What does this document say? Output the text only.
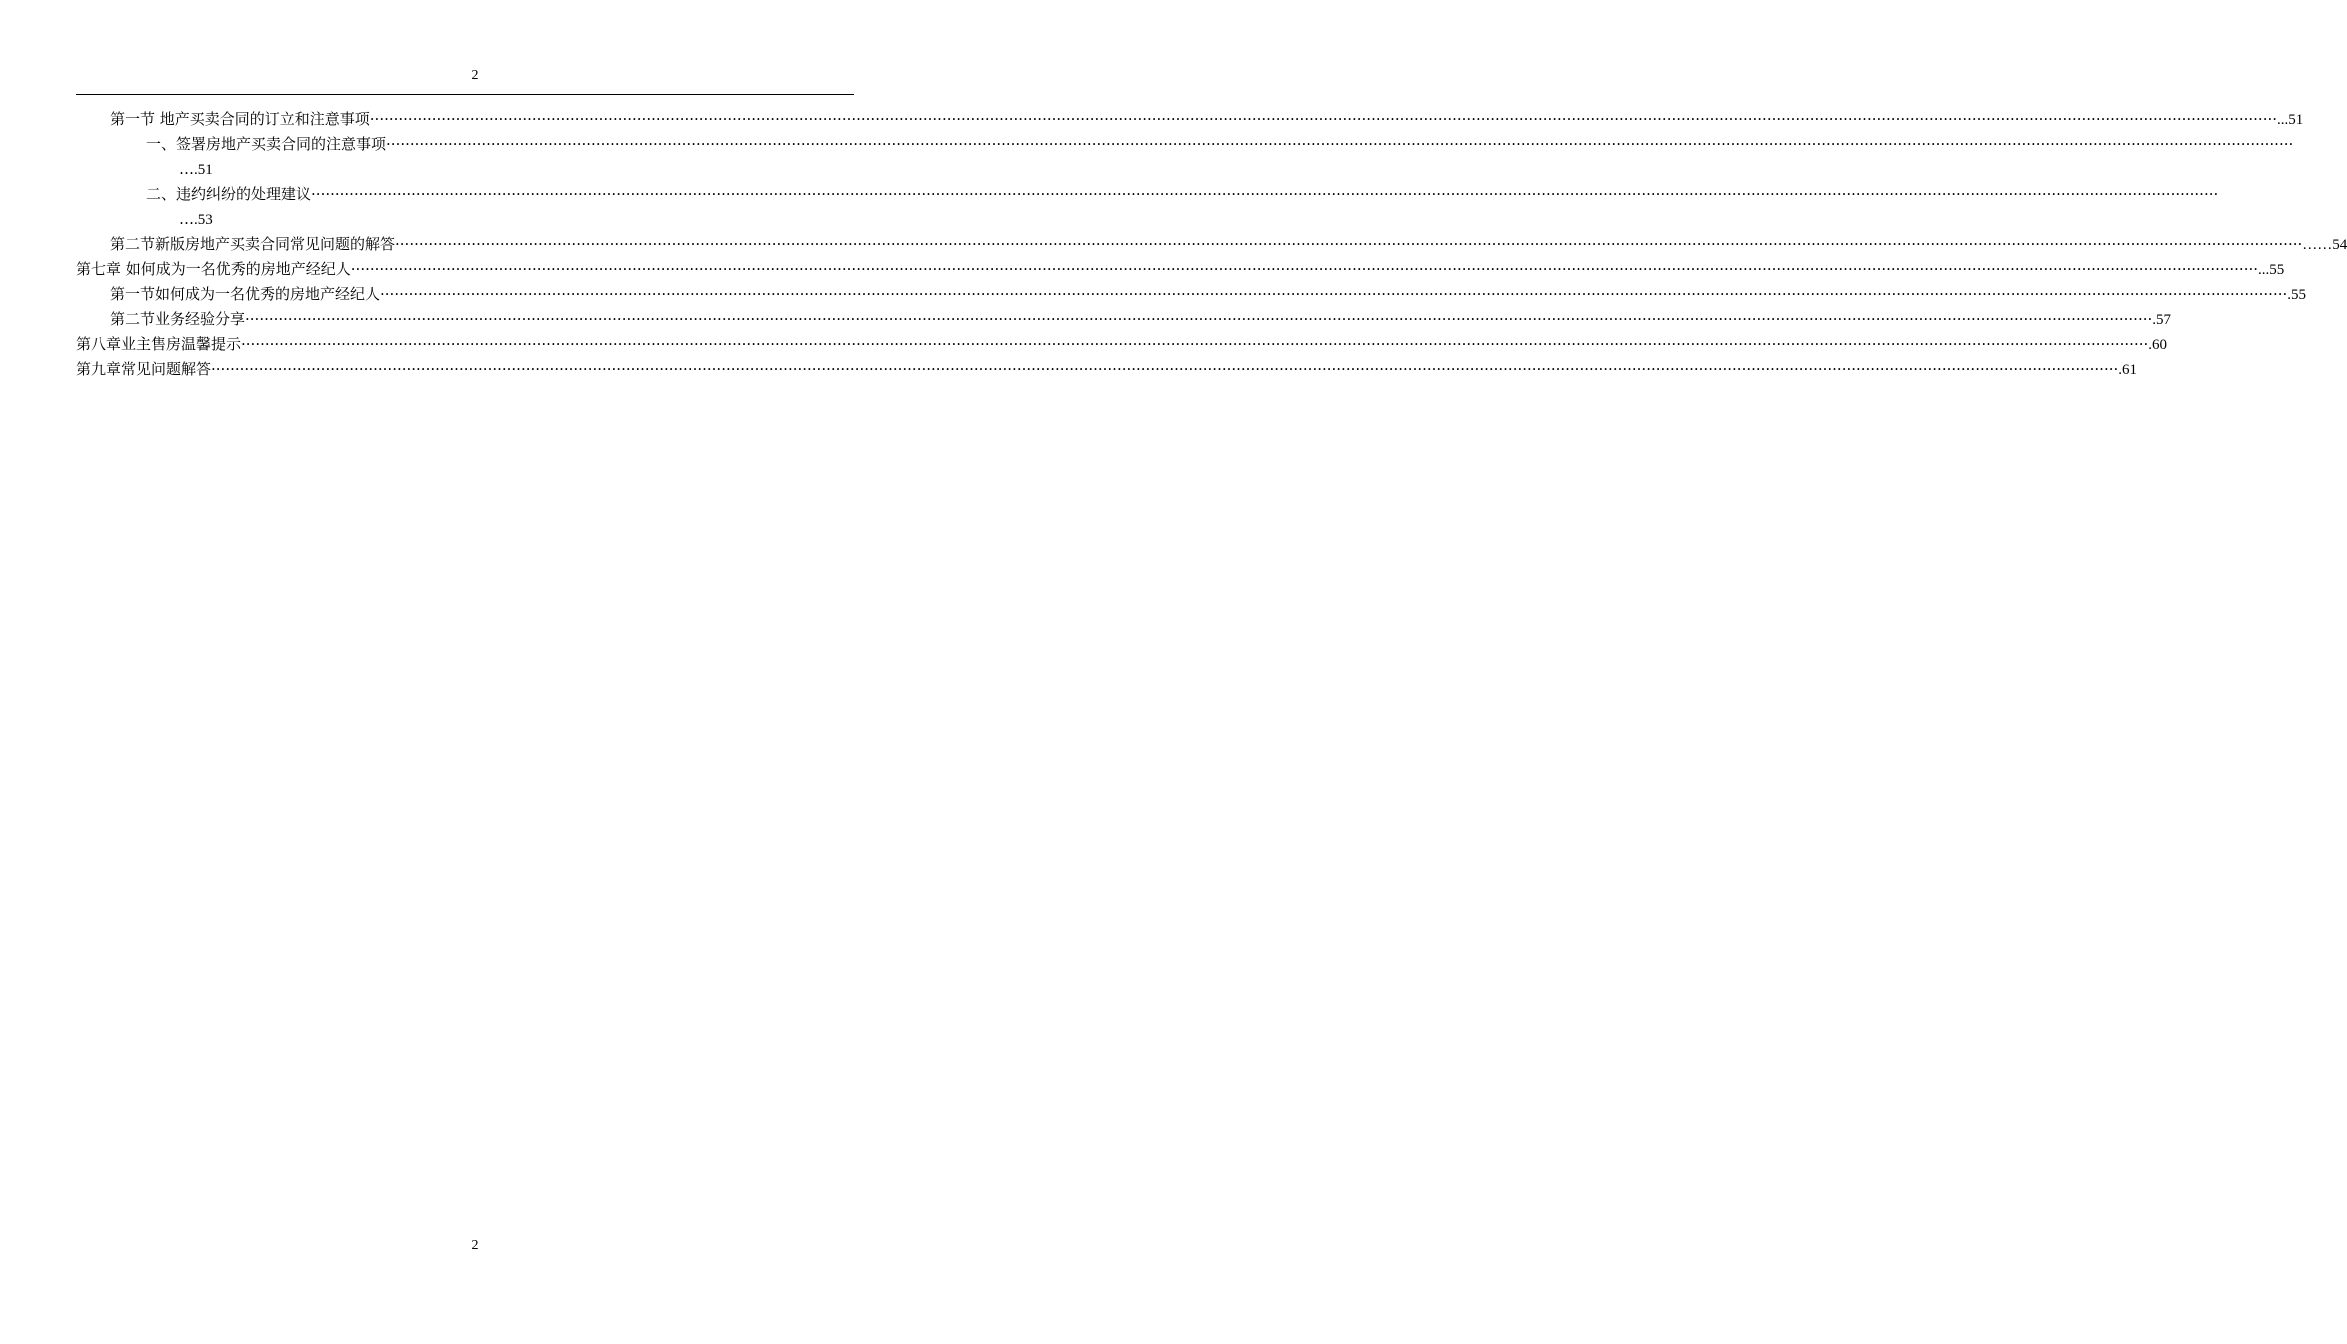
2
第一节 地产买卖合同的订立和注意事项 ················································································································································································································································································································································································································ ...51
一、 签署房地产买卖合同的注意事项 ················································································································································································································································································································································································································
….51
二、 违约纠纷的处理建议 ················································································································································································································································································································································································································
….53
第二节新版房地产买卖合同常见问题的解答 ················································································································································································································································································································································································································ ……54
第七章 如何成为一名优秀的房地产经纪人 ················································································································································································································································································································································································································ ...55
第一节如何成为一名优秀的房地产经纪人 ················································································································································································································································································································································································································ .55
第二节业务经验分享 ················································································································································································································································································································································································································ .57
第八章业主售房温馨提示 ················································································································································································································································································································································································································ .60
第九章常见问题解答 ················································································································································································································································································································································································································ .61
2
